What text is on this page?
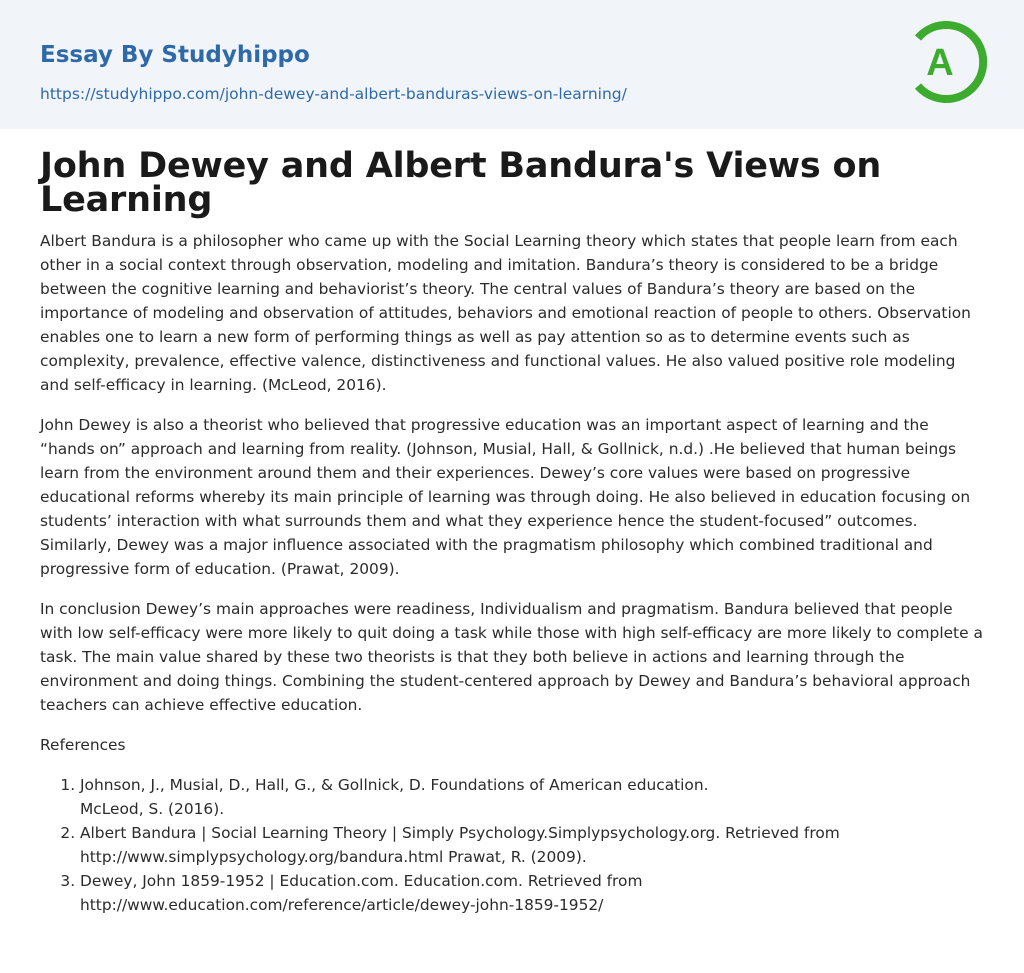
Essay By Studyhippo
https://studyhippo.com/john-dewey-and-albert-banduras-views-on-learning/
A
John Dewey and Albert Bandura's Views on Learning

Albert Bandura is a philosopher who came up with the Social Learning theory which states that people learn from each other in a social context through observation, modeling and imitation. Bandura’s theory is considered to be a bridge between the cognitive learning and behaviorist’s theory. The central values of Bandura’s theory are based on the importance of modeling and observation of attitudes, behaviors and emotional reaction of people to others. Observation enables one to learn a new form of performing things as well as pay attention so as to determine events such as complexity, prevalence, effective valence, distinctiveness and functional values. He also valued positive role modeling and self-efficacy in learning. (McLeod, 2016).

John Dewey is also a theorist who believed that progressive education was an important aspect of learning and the “hands on” approach and learning from reality. (Johnson, Musial, Hall, & Gollnick, n.d.) .He believed that human beings learn from the environment around them and their experiences. Dewey’s core values were based on progressive educational reforms whereby its main principle of learning was through doing. He also believed in education focusing on students’ interaction with what surrounds them and what they experience hence the student-focused” outcomes. Similarly, Dewey was a major influence associated with the pragmatism philosophy which combined traditional and progressive form of education. (Prawat, 2009).

In conclusion Dewey’s main approaches were readiness, Individualism and pragmatism. Bandura believed that people with low self-efficacy were more likely to quit doing a task while those with high self-efficacy are more likely to complete a task. The main value shared by these two theorists is that they both believe in actions and learning through the environment and doing things. Combining the student-centered approach by Dewey and Bandura’s behavioral approach teachers can achieve effective education.

References

1. Johnson, J., Musial, D., Hall, G., & Gollnick, D. Foundations of American education.
McLeod, S. (2016).
2. Albert Bandura | Social Learning Theory | Simply Psychology.Simplypsychology.org. Retrieved from
http://www.simplypsychology.org/bandura.html Prawat, R. (2009).
3. Dewey, John 1859-1952 | Education.com. Education.com. Retrieved from
http://www.education.com/reference/article/dewey-john-1859-1952/
